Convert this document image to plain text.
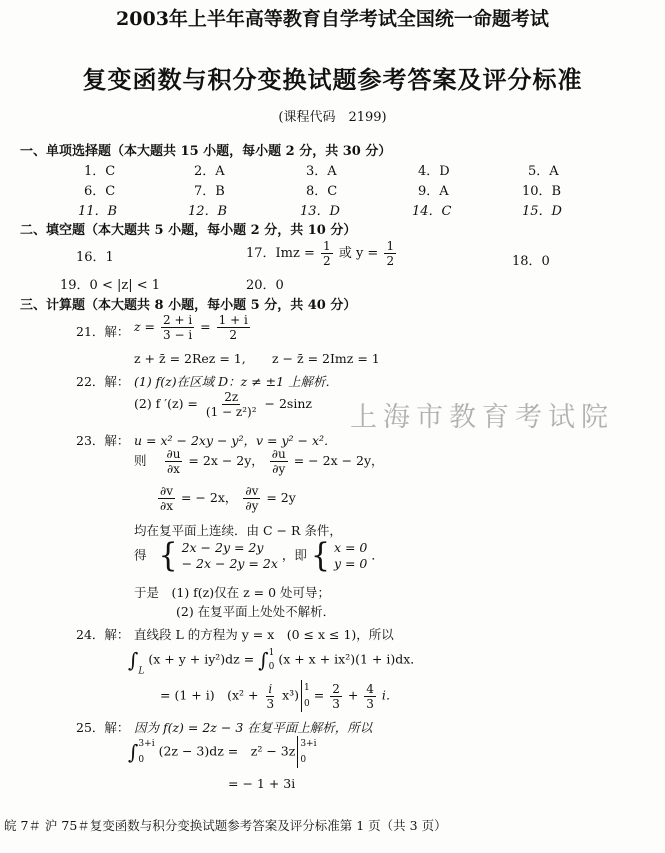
2003年上半年高等教育自学考试全国统一命题考试
复变函数与积分变换试题参考答案及评分标准
(课程代码　2199)
一、单项选择题（本大题共 15 小题，每小题 2 分，共 30 分）
1．C	2．A	3．A	4．D	5．A
6．C	7．B	8．C	9．A	10．B
11．B	12．B	13．D	14．C	15．D
二、填空题（本大题共 5 小题，每小题 2 分，共 10 分）
16．1	17．Imz = $\frac{1}{2}$ 或 $y = \frac{1}{2}$	18．0
19．0 < |z| < 1	20．0
三、计算题（本大题共 8 小题，每小题 5 分，共 40 分）
21．解： $z = \frac{2 + i}{3 - i} = \frac{1 + i}{2}$
z + z̄ = 2Rez = 1, z − z̄ = 2Imz = 1
22．解： (1) f(z)在区域 D：z ≠ ±1 上解析．
(2) f $'(z) = \frac{2z}{\text{(1 − z²)²}} - 2\sin z$
23．解： u = x² − 2xy − y²，v = y² − x²．
则 $\frac{\partial u}{\partial x} = 2x - 2y$， $\frac{\partial u}{\partial y}$ = − 2x − 2y，
$\frac{\partial v}{\partial x}$ = − 2x， $\frac{\partial v}{\partial y} = 2y$
均在复平面上连续．由 C − R 条件，
得 { 2x − 2y = 2y
− 2x − 2y = 2x
，即 { x = 0
y = 0
．
于是　(1) f(z)仅在 z = 0 处可导；
(2) 在复平面上处处不解析．
24．解： 直线段 L 的方程为 y = x　(0 ≤ x ≤ 1)，所以
$\int_L$ (x + y + iy²)dz = ∫ 1
0
(x + x + ix²)(1 + i)dx．
= (1 + i)　$(x^2 + \frac{i}{3} x^3)$ 1
0
= $\frac{2}{3} + \frac{4}{3}$ i．
25．解： 因为 f(z) = 2z − 3 在复平面上解析，所以
∫ 3+i
0
(2z − 3)dz =　z² − 3z 3+i
0
= − 1 + 3i
上海市教育考试院
皖 7＃ 沪 75＃复变函数与积分变换试题参考答案及评分标准第 1 页（共 3 页）
